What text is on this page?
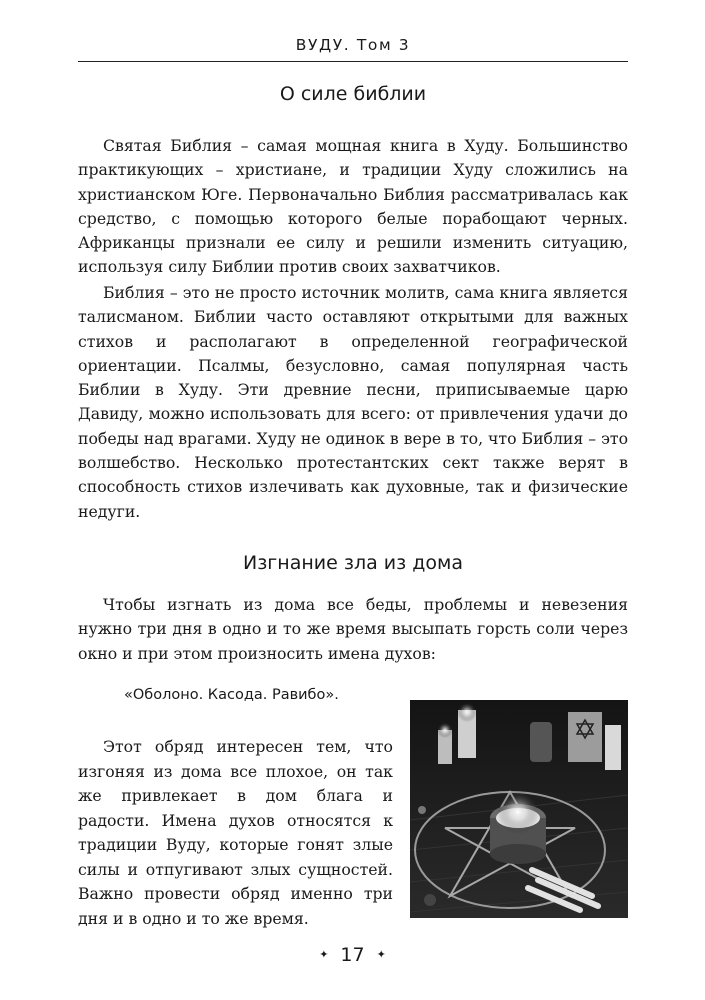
ВУДУ. Том 3
О силе библии

Святая Библия – самая мощная книга в Худу. Большинство практикующих – христиане, и традиции Худу сложились на христианском Юге. Первоначально Библия рассматривалась как средство, с помощью которого белые порабощают черных. Африканцы признали ее силу и решили изменить ситуацию, используя силу Библии против своих захватчиков.

Библия – это не просто источник молитв, сама книга является талисманом. Библии часто оставляют открытыми для важных стихов и располагают в определенной географической ориентации. Псалмы, безусловно, самая популярная часть Библии в Худу. Эти древние песни, приписываемые царю Давиду, можно использовать для всего: от привлечения удачи до победы над врагами. Худу не одинок в вере в то, что Библия – это волшебство. Несколько протестантских сект также верят в способность стихов излечивать как духовные, так и физические недуги.

Изгнание зла из дома

Чтобы изгнать из дома все беды, проблемы и невезения нужно три дня в одно и то же время высыпать горсть соли через окно и при этом произносить имена духов:

«Оболоно. Касода. Равибо».

Этот обряд интересен тем, что изгоняя из дома все плохое, он так же привлекает в дом блага и радости. Имена духов относятся к традиции Вуду, которые гонят злые силы и отпугивают злых сущностей. Важно провести обряд именно три дня и в одно и то же время.

✦ 17 ✦
